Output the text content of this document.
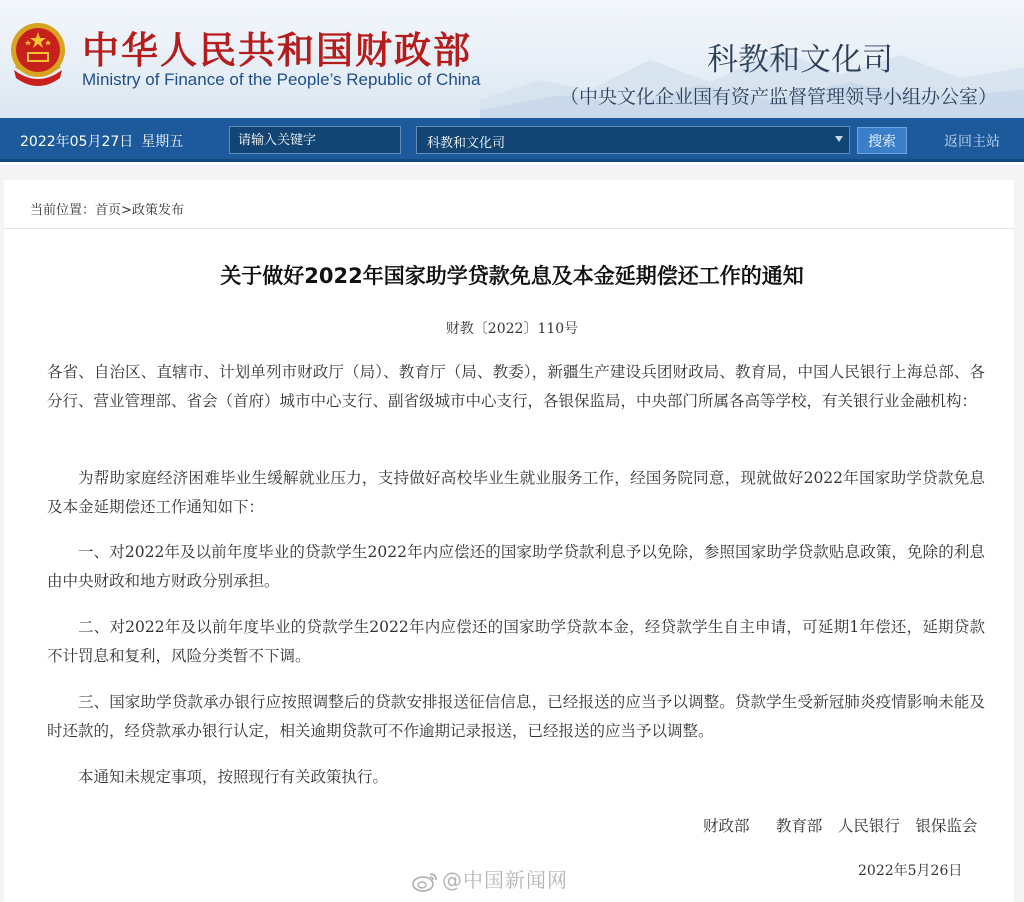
中华人民共和国财政部
Ministry of Finance of the People’s Republic of China
科教和文化司
（中央文化企业国有资产监督管理领导小组办公室）
2022年05月27日 星期五
请输入关键字	科教和文化司	搜索	返回主站
当前位置：首页>政策发布
关于做好2022年国家助学贷款免息及本金延期偿还工作的通知
财教〔2022〕110号
各省、自治区、直辖市、计划单列市财政厅（局）、教育厅（局、教委），新疆生产建设兵团财政局、教育局，中国人民银行上海总部、各分行、营业管理部、省会（首府）城市中心支行、副省级城市中心支行，各银保监局，中央部门所属各高等学校，有关银行业金融机构：
为帮助家庭经济困难毕业生缓解就业压力，支持做好高校毕业生就业服务工作，经国务院同意，现就做好2022年国家助学贷款免息及本金延期偿还工作通知如下：
一、对2022年及以前年度毕业的贷款学生2022年内应偿还的国家助学贷款利息予以免除，参照国家助学贷款贴息政策，免除的利息由中央财政和地方财政分别承担。
二、对2022年及以前年度毕业的贷款学生2022年内应偿还的国家助学贷款本金，经贷款学生自主申请，可延期1年偿还，延期贷款不计罚息和复利，风险分类暂不下调。
三、国家助学贷款承办银行应按照调整后的贷款安排报送征信信息，已经报送的应当予以调整。贷款学生受新冠肺炎疫情影响未能及时还款的，经贷款承办银行认定，相关逾期贷款可不作逾期记录报送，已经报送的应当予以调整。
本通知未规定事项，按照现行有关政策执行。
财政部　 教育部　人民银行　银保监会
2022年5月26日
@中国新闻网
